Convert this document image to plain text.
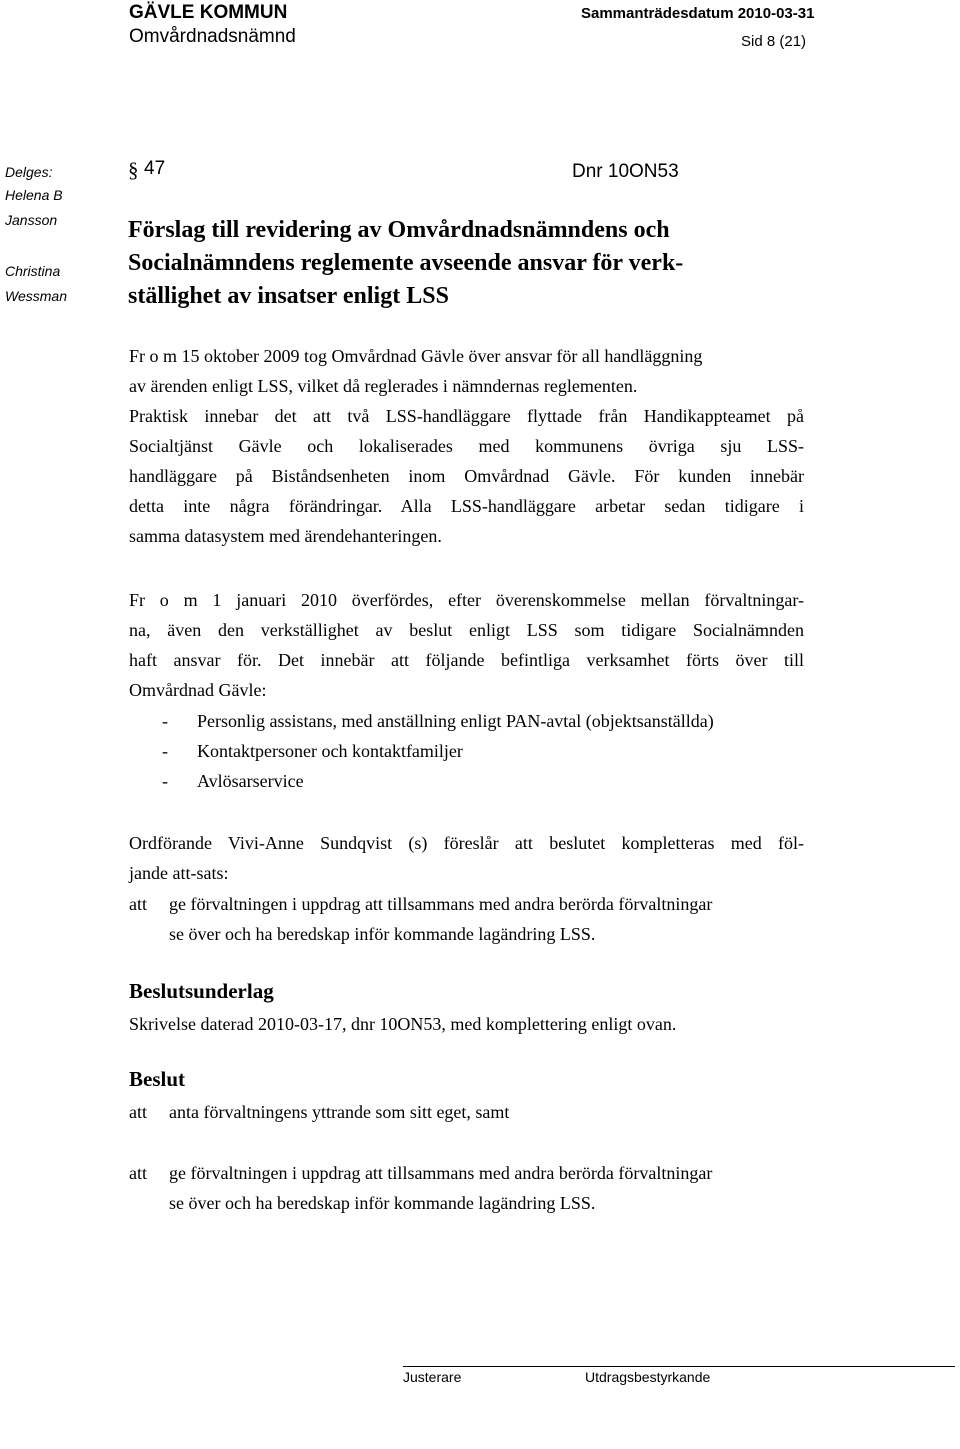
GÄVLE KOMMUN
Omvårdnadsnämnd
Sammanträdesdatum 2010-03-31
Sid 8 (21)
Delges:
Helena B
Jansson
Christina
Wessman
§ 47	Dnr 10ON53
Förslag till revidering av Omvårdnadsnämndens och
Socialnämndens reglemente avseende ansvar för verk-
ställighet av insatser enligt LSS
Fr o m 15 oktober 2009 tog Omvårdnad Gävle över ansvar för all handläggning
av ärenden enligt LSS, vilket då reglerades i nämndernas reglementen.
Praktisk innebar det att två LSS-handläggare flyttade från Handikappteamet på
Socialtjänst Gävle och lokaliserades med kommunens övriga sju LSS-
handläggare på Biståndsenheten inom Omvårdnad Gävle. För kunden innebär
detta inte några förändringar. Alla LSS-handläggare arbetar sedan tidigare i
samma datasystem med ärendehanteringen.
Fr o m 1 januari 2010 överfördes, efter överenskommelse mellan förvaltningar-
na, även den verkställighet av beslut enligt LSS som tidigare Socialnämnden
haft ansvar för. Det innebär att följande befintliga verksamhet förts över till
Omvårdnad Gävle:
-	Personlig assistans, med anställning enligt PAN-avtal (objektsanställda)
-	Kontaktpersoner och kontaktfamiljer
-	Avlösarservice
Ordförande Vivi-Anne Sundqvist (s) föreslår att beslutet kompletteras med föl-
jande att-sats:
att	ge förvaltningen i uppdrag att tillsammans med andra berörda förvaltningar
se över och ha beredskap inför kommande lagändring LSS.
Beslutsunderlag
Skrivelse daterad 2010-03-17, dnr 10ON53, med komplettering enligt ovan.
Beslut
att	anta förvaltningens yttrande som sitt eget, samt
att	ge förvaltningen i uppdrag att tillsammans med andra berörda förvaltningar
se över och ha beredskap inför kommande lagändring LSS.
Justerare	Utdragsbestyrkande
